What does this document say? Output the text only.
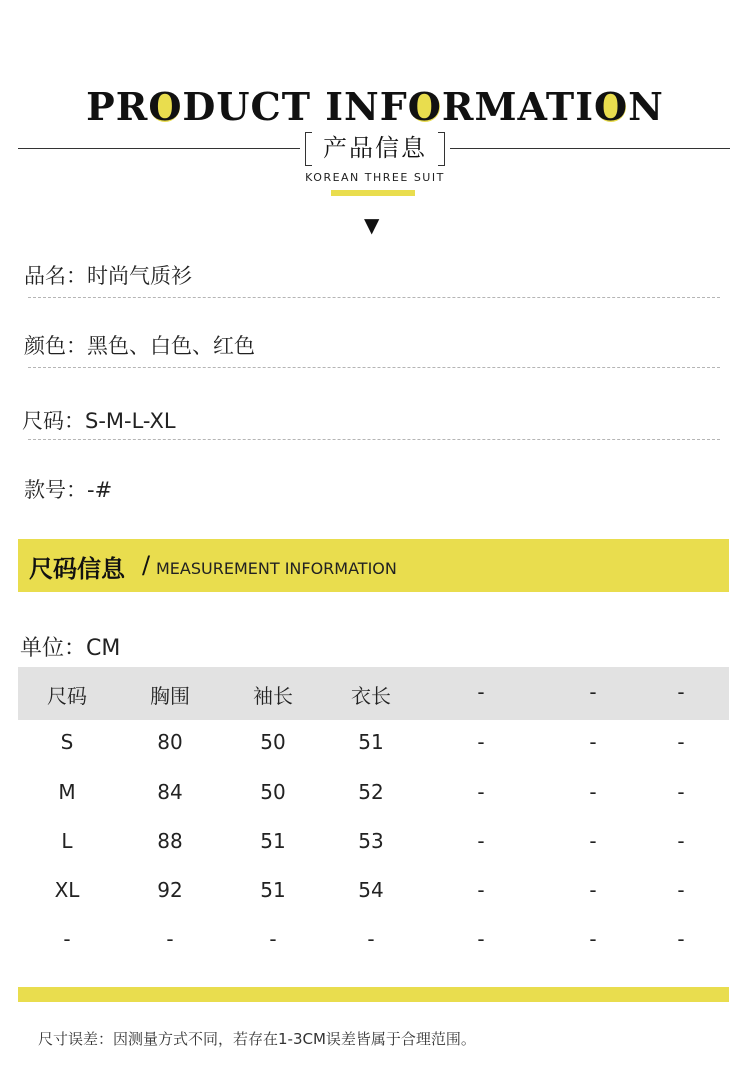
PRODUCT INFORMATION
产品信息
KOREAN THREE SUIT
▼
品名：时尚气质衫
颜色：黑色、白色、红色
尺码：S-M-L-XL
款号：-#
尺码信息 / MEASUREMENT INFORMATION
单位：CM
尺码	胸围	袖长	衣长	-	-	-
S	80	50	51	-	-	-
M	84	50	52	-	-	-
L	88	51	53	-	-	-
XL	92	51	54	-	-	-
-	-	-	-	-	-	-
尺寸误差：因测量方式不同，若存在1-3CM误差皆属于合理范围。
